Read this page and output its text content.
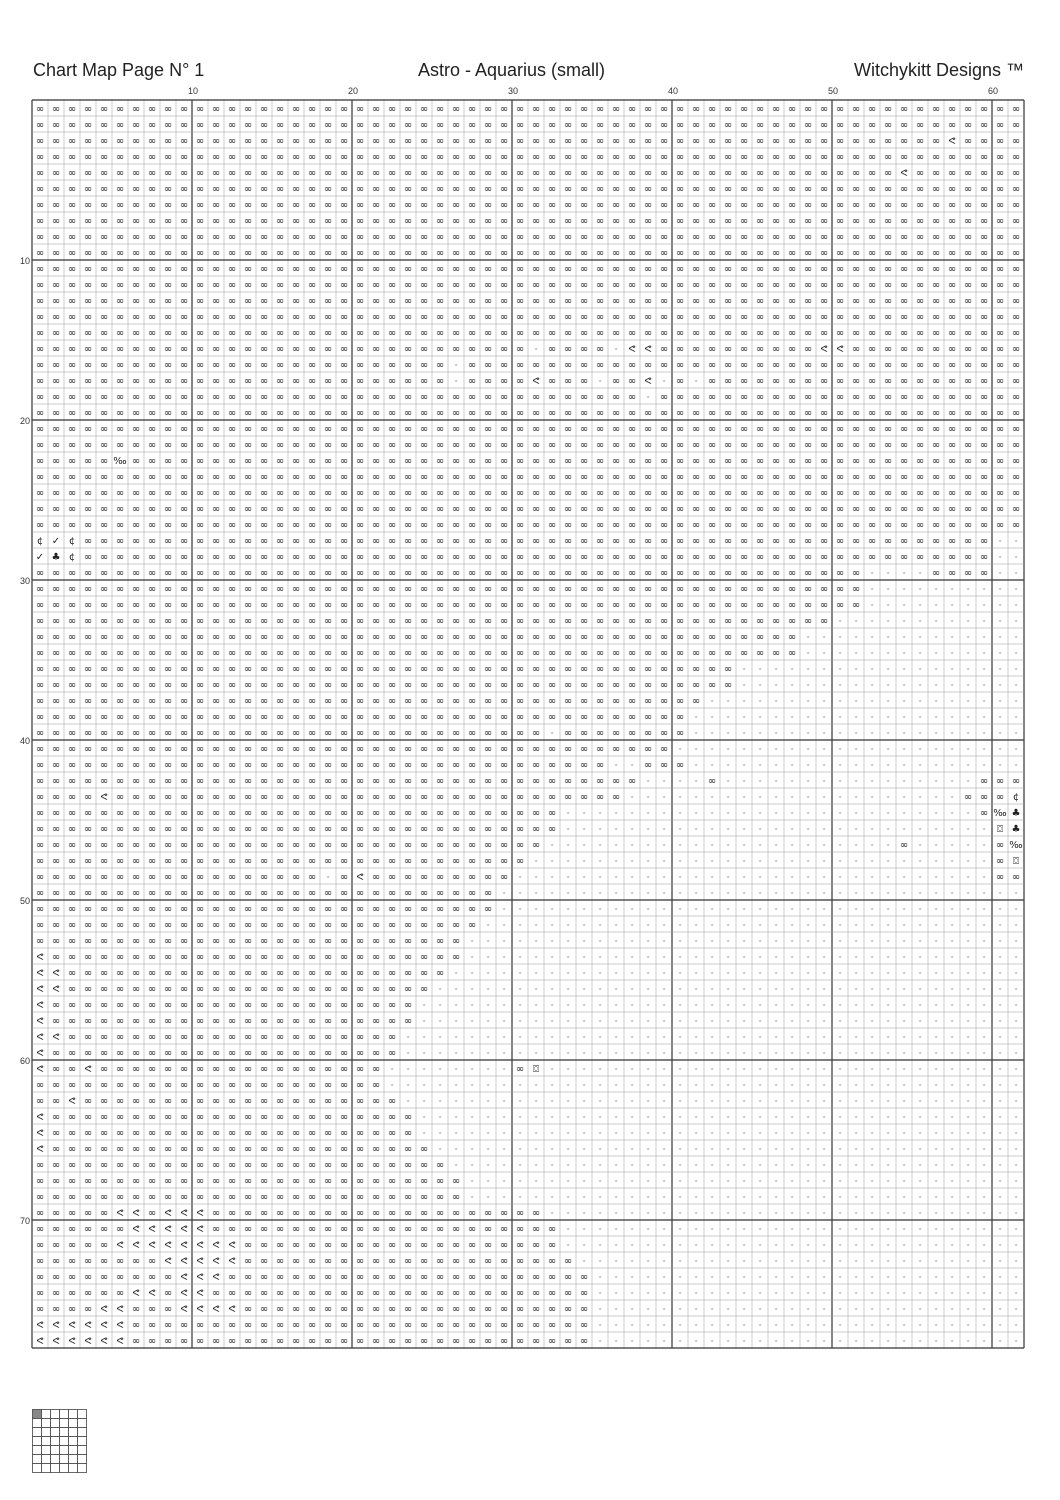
Chart Map Page N° 1	Astro - Aquarius (small)	Witchykitt Designs ™
10	20	30	40	50	60
10
20
30
40
50
60
70
∞ ∞ ∞ ∞ ∞ ∞ ∞ ∞ ∞ ∞ ∞ ∞ ∞ ∞ ∞ ∞ ∞ ∞ ∞ ∞ ∞ ∞ ∞ ∞ ∞ ∞ ∞ ∞ ∞ ∞ ∞ ∞ ∞ ∞ ∞ ∞ ∞ ∞ ∞ ∞ ∞ ∞ ∞ ∞ ∞ ∞ ∞ ∞ ∞ ∞ ∞ ∞ ∞ ∞ ∞ ∞ ∞ ∞ ∞ ∞ ∞ ∞
∞ ∞ ∞ ∞ ∞ ∞ ∞ ∞ ∞ ∞ ∞ ∞ ∞ ∞ ∞ ∞ ∞ ∞ ∞ ∞ ∞ ∞ ∞ ∞ ∞ ∞ ∞ ∞ ∞ ∞ ∞ ∞ ∞ ∞ ∞ ∞ ∞ ∞ ∞ ∞ ∞ ∞ ∞ ∞ ∞ ∞ ∞ ∞ ∞ ∞ ∞ ∞ ∞ ∞ ∞ ∞ ∞ ∞ ∞ ∞ ∞ ∞
∞ ∞ ∞ ∞ ∞ ∞ ∞ ∞ ∞ ∞ ∞ ∞ ∞ ∞ ∞ ∞ ∞ ∞ ∞ ∞ ∞ ∞ ∞ ∞ ∞ ∞ ∞ ∞ ∞ ∞ ∞ ∞ ∞ ∞ ∞ ∞ ∞ ∞ ∞ ∞ ∞ ∞ ∞ ∞ ∞ ∞ ∞ ∞ ∞ ∞ ∞ ∞ ∞ ∞ ∞ ∞ ∞ ᕙ ∞ ∞ ∞ ∞
∞ ∞ ∞ ∞ ∞ ∞ ∞ ∞ ∞ ∞ ∞ ∞ ∞ ∞ ∞ ∞ ∞ ∞ ∞ ∞ ∞ ∞ ∞ ∞ ∞ ∞ ∞ ∞ ∞ ∞ ∞ ∞ ∞ ∞ ∞ ∞ ∞ ∞ ∞ ∞ ∞ ∞ ∞ ∞ ∞ ∞ ∞ ∞ ∞ ∞ ∞ ∞ ∞ ∞ ∞ ∞ ∞ ∞ ∞ ∞ ∞ ∞
∞ ∞ ∞ ∞ ∞ ∞ ∞ ∞ ∞ ∞ ∞ ∞ ∞ ∞ ∞ ∞ ∞ ∞ ∞ ∞ ∞ ∞ ∞ ∞ ∞ ∞ ∞ ∞ ∞ ∞ ∞ ∞ ∞ ∞ ∞ ∞ ∞ ∞ ∞ ∞ ∞ ∞ ∞ ∞ ∞ ∞ ∞ ∞ ∞ ∞ ∞ ∞ ∞ ∞ ᕙ ∞ ∞ ∞ ∞ ∞ ∞ ∞
∞ ∞ ∞ ∞ ∞ ∞ ∞ ∞ ∞ ∞ ∞ ∞ ∞ ∞ ∞ ∞ ∞ ∞ ∞ ∞ ∞ ∞ ∞ ∞ ∞ ∞ ∞ ∞ ∞ ∞ ∞ ∞ ∞ ∞ ∞ ∞ ∞ ∞ ∞ ∞ ∞ ∞ ∞ ∞ ∞ ∞ ∞ ∞ ∞ ∞ ∞ ∞ ∞ ∞ ∞ ∞ ∞ ∞ ∞ ∞ ∞ ∞
∞ ∞ ∞ ∞ ∞ ∞ ∞ ∞ ∞ ∞ ∞ ∞ ∞ ∞ ∞ ∞ ∞ ∞ ∞ ∞ ∞ ∞ ∞ ∞ ∞ ∞ ∞ ∞ ∞ ∞ ∞ ∞ ∞ ∞ ∞ ∞ ∞ ∞ ∞ ∞ ∞ ∞ ∞ ∞ ∞ ∞ ∞ ∞ ∞ ∞ ∞ ∞ ∞ ∞ ∞ ∞ ∞ ∞ ∞ ∞ ∞ ∞
∞ ∞ ∞ ∞ ∞ ∞ ∞ ∞ ∞ ∞ ∞ ∞ ∞ ∞ ∞ ∞ ∞ ∞ ∞ ∞ ∞ ∞ ∞ ∞ ∞ ∞ ∞ ∞ ∞ ∞ ∞ ∞ ∞ ∞ ∞ ∞ ∞ ∞ ∞ ∞ ∞ ∞ ∞ ∞ ∞ ∞ ∞ ∞ ∞ ∞ ∞ ∞ ∞ ∞ ∞ ∞ ∞ ∞ ∞ ∞ ∞ ∞
∞ ∞ ∞ ∞ ∞ ∞ ∞ ∞ ∞ ∞ ∞ ∞ ∞ ∞ ∞ ∞ ∞ ∞ ∞ ∞ ∞ ∞ ∞ ∞ ∞ ∞ ∞ ∞ ∞ ∞ ∞ ∞ ∞ ∞ ∞ ∞ ∞ ∞ ∞ ∞ ∞ ∞ ∞ ∞ ∞ ∞ ∞ ∞ ∞ ∞ ∞ ∞ ∞ ∞ ∞ ∞ ∞ ∞ ∞ ∞ ∞ ∞
∞ ∞ ∞ ∞ ∞ ∞ ∞ ∞ ∞ ∞ ∞ ∞ ∞ ∞ ∞ ∞ ∞ ∞ ∞ ∞ ∞ ∞ ∞ ∞ ∞ ∞ ∞ ∞ ∞ ∞ ∞ ∞ ∞ ∞ ∞ ∞ ∞ ∞ ∞ ∞ ∞ ∞ ∞ ∞ ∞ ∞ ∞ ∞ ∞ ∞ ∞ ∞ ∞ ∞ ∞ ∞ ∞ ∞ ∞ ∞ ∞ ∞
∞ ∞ ∞ ∞ ∞ ∞ ∞ ∞ ∞ ∞ ∞ ∞ ∞ ∞ ∞ ∞ ∞ ∞ ∞ ∞ ∞ ∞ ∞ ∞ ∞ ∞ ∞ ∞ ∞ ∞ ∞ ∞ ∞ ∞ ∞ ∞ ∞ ∞ ∞ ∞ ∞ ∞ ∞ ∞ ∞ ∞ ∞ ∞ ∞ ∞ ∞ ∞ ∞ ∞ ∞ ∞ ∞ ∞ ∞ ∞ ∞ ∞
∞ ∞ ∞ ∞ ∞ ∞ ∞ ∞ ∞ ∞ ∞ ∞ ∞ ∞ ∞ ∞ ∞ ∞ ∞ ∞ ∞ ∞ ∞ ∞ ∞ ∞ ∞ ∞ ∞ ∞ ∞ ∞ ∞ ∞ ∞ ∞ ∞ ∞ ∞ ∞ ∞ ∞ ∞ ∞ ∞ ∞ ∞ ∞ ∞ ∞ ∞ ∞ ∞ ∞ ∞ ∞ ∞ ∞ ∞ ∞ ∞ ∞
∞ ∞ ∞ ∞ ∞ ∞ ∞ ∞ ∞ ∞ ∞ ∞ ∞ ∞ ∞ ∞ ∞ ∞ ∞ ∞ ∞ ∞ ∞ ∞ ∞ ∞ ∞ ∞ ∞ ∞ ∞ ∞ ∞ ∞ ∞ ∞ ∞ ∞ ∞ ∞ ∞ ∞ ∞ ∞ ∞ ∞ ∞ ∞ ∞ ∞ ∞ ∞ ∞ ∞ ∞ ∞ ∞ ∞ ∞ ∞ ∞ ∞
∞ ∞ ∞ ∞ ∞ ∞ ∞ ∞ ∞ ∞ ∞ ∞ ∞ ∞ ∞ ∞ ∞ ∞ ∞ ∞ ∞ ∞ ∞ ∞ ∞ ∞ ∞ ∞ ∞ ∞ ∞ ∞ ∞ ∞ ∞ ∞ ∞ ∞ ∞ ∞ ∞ ∞ ∞ ∞ ∞ ∞ ∞ ∞ ∞ ∞ ∞ ∞ ∞ ∞ ∞ ∞ ∞ ∞ ∞ ∞ ∞ ∞
∞ ∞ ∞ ∞ ∞ ∞ ∞ ∞ ∞ ∞ ∞ ∞ ∞ ∞ ∞ ∞ ∞ ∞ ∞ ∞ ∞ ∞ ∞ ∞ ∞ ∞ ∞ ∞ ∞ ∞ ∞ ∞ ∞ ∞ ∞ ∞ ∞ ∞ ∞ ∞ ∞ ∞ ∞ ∞ ∞ ∞ ∞ ∞ ∞ ∞ ∞ ∞ ∞ ∞ ∞ ∞ ∞ ∞ ∞ ∞ ∞ ∞
∞ ∞ ∞ ∞ ∞ ∞ ∞ ∞ ∞ ∞ ∞ ∞ ∞ ∞ ∞ ∞ ∞ ∞ ∞ ∞ ∞ ∞ ∞ ∞ ∞ ∞ ∞ ∞ ∞ ∞ ∞ · ∞ ∞ ∞ ∞ · ᕙ ᕙ ∞ ∞ ∞ ∞ ∞ ∞ ∞ ∞ ∞ ∞ ᕙ ᕙ ∞ ∞ ∞ ∞ ∞ ∞ ∞ ∞ ∞ ∞ ∞
∞ ∞ ∞ ∞ ∞ ∞ ∞ ∞ ∞ ∞ ∞ ∞ ∞ ∞ ∞ ∞ ∞ ∞ ∞ ∞ ∞ ∞ ∞ ∞ ∞ ∞ · ∞ ∞ ∞ ∞ ∞ ∞ ∞ ∞ ∞ ∞ ∞ ∞ ∞ ∞ ∞ ∞ ∞ ∞ ∞ ∞ ∞ ∞ ∞ ∞ ∞ ∞ ∞ ∞ ∞ ∞ ∞ ∞ ∞ ∞ ∞
∞ ∞ ∞ ∞ ∞ ∞ ∞ ∞ ∞ ∞ ∞ ∞ ∞ ∞ ∞ ∞ ∞ ∞ ∞ ∞ ∞ ∞ ∞ ∞ ∞ ∞ · ∞ ∞ ∞ ∞ ᕙ ∞ ∞ ∞ · ∞ ∞ ᕙ · ∞ · ∞ ∞ ∞ ∞ ∞ ∞ ∞ ∞ ∞ ∞ ∞ ∞ ∞ ∞ ∞ ∞ ∞ ∞ ∞ ∞
∞ ∞ ∞ ∞ ∞ ∞ ∞ ∞ ∞ ∞ ∞ ∞ ∞ ∞ ∞ ∞ ∞ ∞ ∞ ∞ ∞ ∞ ∞ ∞ ∞ ∞ ∞ ∞ ∞ ∞ ∞ ∞ ∞ ∞ ∞ ∞ ∞ ∞ · ∞ ∞ ∞ ∞ ∞ ∞ ∞ ∞ ∞ ∞ ∞ ∞ ∞ ∞ ∞ ∞ ∞ ∞ ∞ ∞ ∞ ∞ ∞
∞ ∞ ∞ ∞ ∞ ∞ ∞ ∞ ∞ ∞ ∞ ∞ ∞ ∞ ∞ ∞ ∞ ∞ ∞ ∞ ∞ ∞ ∞ ∞ ∞ ∞ ∞ ∞ ∞ ∞ ∞ ∞ ∞ ∞ ∞ ∞ ∞ ∞ ∞ ∞ ∞ ∞ ∞ ∞ ∞ ∞ ∞ ∞ ∞ ∞ ∞ ∞ ∞ ∞ ∞ ∞ ∞ ∞ ∞ ∞ ∞ ∞
∞ ∞ ∞ ∞ ∞ ∞ ∞ ∞ ∞ ∞ ∞ ∞ ∞ ∞ ∞ ∞ ∞ ∞ ∞ ∞ ∞ ∞ ∞ ∞ ∞ ∞ ∞ ∞ ∞ ∞ ∞ ∞ ∞ ∞ ∞ ∞ ∞ ∞ ∞ ∞ ∞ ∞ ∞ ∞ ∞ ∞ ∞ ∞ ∞ ∞ ∞ ∞ ∞ ∞ ∞ ∞ ∞ ∞ ∞ ∞ ∞ ∞
∞ ∞ ∞ ∞ ∞ ∞ ∞ ∞ ∞ ∞ ∞ ∞ ∞ ∞ ∞ ∞ ∞ ∞ ∞ ∞ ∞ ∞ ∞ ∞ ∞ ∞ ∞ ∞ ∞ ∞ ∞ ∞ ∞ ∞ ∞ ∞ ∞ ∞ ∞ ∞ ∞ ∞ ∞ ∞ ∞ ∞ ∞ ∞ ∞ ∞ ∞ ∞ ∞ ∞ ∞ ∞ ∞ ∞ ∞ ∞ ∞ ∞
∞ ∞ ∞ ∞ ∞ ‰ ∞ ∞ ∞ ∞ ∞ ∞ ∞ ∞ ∞ ∞ ∞ ∞ ∞ ∞ ∞ ∞ ∞ ∞ ∞ ∞ ∞ ∞ ∞ ∞ ∞ ∞ ∞ ∞ ∞ ∞ ∞ ∞ ∞ ∞ ∞ ∞ ∞ ∞ ∞ ∞ ∞ ∞ ∞ ∞ ∞ ∞ ∞ ∞ ∞ ∞ ∞ ∞ ∞ ∞ ∞ ∞
∞ ∞ ∞ ∞ ∞ ∞ ∞ ∞ ∞ ∞ ∞ ∞ ∞ ∞ ∞ ∞ ∞ ∞ ∞ ∞ ∞ ∞ ∞ ∞ ∞ ∞ ∞ ∞ ∞ ∞ ∞ ∞ ∞ ∞ ∞ ∞ ∞ ∞ ∞ ∞ ∞ ∞ ∞ ∞ ∞ ∞ ∞ ∞ ∞ ∞ ∞ ∞ ∞ ∞ ∞ ∞ ∞ ∞ ∞ ∞ ∞ ∞
∞ ∞ ∞ ∞ ∞ ∞ ∞ ∞ ∞ ∞ ∞ ∞ ∞ ∞ ∞ ∞ ∞ ∞ ∞ ∞ ∞ ∞ ∞ ∞ ∞ ∞ ∞ ∞ ∞ ∞ ∞ ∞ ∞ ∞ ∞ ∞ ∞ ∞ ∞ ∞ ∞ ∞ ∞ ∞ ∞ ∞ ∞ ∞ ∞ ∞ ∞ ∞ ∞ ∞ ∞ ∞ ∞ ∞ ∞ ∞ ∞ ∞
∞ ∞ ∞ ∞ ∞ ∞ ∞ ∞ ∞ ∞ ∞ ∞ ∞ ∞ ∞ ∞ ∞ ∞ ∞ ∞ ∞ ∞ ∞ ∞ ∞ ∞ ∞ ∞ ∞ ∞ ∞ ∞ ∞ ∞ ∞ ∞ ∞ ∞ ∞ ∞ ∞ ∞ ∞ ∞ ∞ ∞ ∞ ∞ ∞ ∞ ∞ ∞ ∞ ∞ ∞ ∞ ∞ ∞ ∞ ∞ ∞ ∞
∞ ∞ ∞ ∞ ∞ ∞ ∞ ∞ ∞ ∞ ∞ ∞ ∞ ∞ ∞ ∞ ∞ ∞ ∞ ∞ ∞ ∞ ∞ ∞ ∞ ∞ ∞ ∞ ∞ ∞ ∞ ∞ ∞ ∞ ∞ ∞ ∞ ∞ ∞ ∞ ∞ ∞ ∞ ∞ ∞ ∞ ∞ ∞ ∞ ∞ ∞ ∞ ∞ ∞ ∞ ∞ ∞ ∞ ∞ ∞ ∞ ∞
¢ ✓ ¢ ∞ ∞ ∞ ∞ ∞ ∞ ∞ ∞ ∞ ∞ ∞ ∞ ∞ ∞ ∞ ∞ ∞ ∞ ∞ ∞ ∞ ∞ ∞ ∞ ∞ ∞ ∞ ∞ ∞ ∞ ∞ ∞ ∞ ∞ ∞ ∞ ∞ ∞ ∞ ∞ ∞ ∞ ∞ ∞ ∞ ∞ ∞ ∞ ∞ ∞ ∞ ∞ ∞ ∞ ∞ ∞ ∞ · ·
✓ ♣ ¢ ∞ ∞ ∞ ∞ ∞ ∞ ∞ ∞ ∞ ∞ ∞ ∞ ∞ ∞ ∞ ∞ ∞ ∞ ∞ ∞ ∞ ∞ ∞ ∞ ∞ ∞ ∞ ∞ ∞ ∞ ∞ ∞ ∞ ∞ ∞ ∞ ∞ ∞ ∞ ∞ ∞ ∞ ∞ ∞ ∞ ∞ ∞ ∞ ∞ ∞ ∞ ∞ ∞ ∞ ∞ ∞ ∞ · ·
∞ ∞ ∞ ∞ ∞ ∞ ∞ ∞ ∞ ∞ ∞ ∞ ∞ ∞ ∞ ∞ ∞ ∞ ∞ ∞ ∞ ∞ ∞ ∞ ∞ ∞ ∞ ∞ ∞ ∞ ∞ ∞ ∞ ∞ ∞ ∞ ∞ ∞ ∞ ∞ ∞ ∞ ∞ ∞ ∞ ∞ ∞ ∞ ∞ ∞ ∞ ∞ · · · · ∞ ∞ ∞ ∞ · ·
∞ ∞ ∞ ∞ ∞ ∞ ∞ ∞ ∞ ∞ ∞ ∞ ∞ ∞ ∞ ∞ ∞ ∞ ∞ ∞ ∞ ∞ ∞ ∞ ∞ ∞ ∞ ∞ ∞ ∞ ∞ ∞ ∞ ∞ ∞ ∞ ∞ ∞ ∞ ∞ ∞ ∞ ∞ ∞ ∞ ∞ ∞ ∞ ∞ ∞ ∞ ∞ · · · · · · · · · ·
∞ ∞ ∞ ∞ ∞ ∞ ∞ ∞ ∞ ∞ ∞ ∞ ∞ ∞ ∞ ∞ ∞ ∞ ∞ ∞ ∞ ∞ ∞ ∞ ∞ ∞ ∞ ∞ ∞ ∞ ∞ ∞ ∞ ∞ ∞ ∞ ∞ ∞ ∞ ∞ ∞ ∞ ∞ ∞ ∞ ∞ ∞ ∞ ∞ ∞ ∞ ∞ · · · · · · · · · ·
∞ ∞ ∞ ∞ ∞ ∞ ∞ ∞ ∞ ∞ ∞ ∞ ∞ ∞ ∞ ∞ ∞ ∞ ∞ ∞ ∞ ∞ ∞ ∞ ∞ ∞ ∞ ∞ ∞ ∞ ∞ ∞ ∞ ∞ ∞ ∞ ∞ ∞ ∞ ∞ ∞ ∞ ∞ ∞ ∞ ∞ ∞ ∞ ∞ ∞ · · · · · · · · · · · ·
∞ ∞ ∞ ∞ ∞ ∞ ∞ ∞ ∞ ∞ ∞ ∞ ∞ ∞ ∞ ∞ ∞ ∞ ∞ ∞ ∞ ∞ ∞ ∞ ∞ ∞ ∞ ∞ ∞ ∞ ∞ ∞ ∞ ∞ ∞ ∞ ∞ ∞ ∞ ∞ ∞ ∞ ∞ ∞ ∞ ∞ ∞ ∞ · · · · · · · · · · · · · ·
∞ ∞ ∞ ∞ ∞ ∞ ∞ ∞ ∞ ∞ ∞ ∞ ∞ ∞ ∞ ∞ ∞ ∞ ∞ ∞ ∞ ∞ ∞ ∞ ∞ ∞ ∞ ∞ ∞ ∞ ∞ ∞ ∞ ∞ ∞ ∞ ∞ ∞ ∞ ∞ ∞ ∞ ∞ ∞ ∞ ∞ ∞ ∞ · · · · · · · · · · · · · ·
∞ ∞ ∞ ∞ ∞ ∞ ∞ ∞ ∞ ∞ ∞ ∞ ∞ ∞ ∞ ∞ ∞ ∞ ∞ ∞ ∞ ∞ ∞ ∞ ∞ ∞ ∞ ∞ ∞ ∞ ∞ ∞ ∞ ∞ ∞ ∞ ∞ ∞ ∞ ∞ ∞ ∞ ∞ ∞ · · · · · · · · · · · · · · · · · ·
∞ ∞ ∞ ∞ ∞ ∞ ∞ ∞ ∞ ∞ ∞ ∞ ∞ ∞ ∞ ∞ ∞ ∞ ∞ ∞ ∞ ∞ ∞ ∞ ∞ ∞ ∞ ∞ ∞ ∞ ∞ ∞ ∞ ∞ ∞ ∞ ∞ ∞ ∞ ∞ ∞ ∞ ∞ ∞ · · · · · · · · · · · · · · · · · ·
∞ ∞ ∞ ∞ ∞ ∞ ∞ ∞ ∞ ∞ ∞ ∞ ∞ ∞ ∞ ∞ ∞ ∞ ∞ ∞ ∞ ∞ ∞ ∞ ∞ ∞ ∞ ∞ ∞ ∞ ∞ ∞ ∞ ∞ ∞ ∞ ∞ ∞ ∞ ∞ ∞ ∞ · · · · · · · · · · · · · · · · · · · ·
∞ ∞ ∞ ∞ ∞ ∞ ∞ ∞ ∞ ∞ ∞ ∞ ∞ ∞ ∞ ∞ ∞ ∞ ∞ ∞ ∞ ∞ ∞ ∞ ∞ ∞ ∞ ∞ ∞ ∞ ∞ ∞ ∞ ∞ ∞ ∞ ∞ ∞ ∞ ∞ ∞ · · · · · · · · · · · · · · · · · · · · ·
∞ ∞ ∞ ∞ ∞ ∞ ∞ ∞ ∞ ∞ ∞ ∞ ∞ ∞ ∞ ∞ ∞ ∞ ∞ ∞ ∞ ∞ ∞ ∞ ∞ ∞ ∞ ∞ ∞ ∞ ∞ ∞ · ∞ ∞ ∞ ∞ ∞ ∞ ∞ ∞ · · · · · · · · · · · · · · · · · · · · ·
∞ ∞ ∞ ∞ ∞ ∞ ∞ ∞ ∞ ∞ ∞ ∞ ∞ ∞ ∞ ∞ ∞ ∞ ∞ ∞ ∞ ∞ ∞ ∞ ∞ ∞ ∞ ∞ ∞ ∞ ∞ ∞ ∞ ∞ ∞ ∞ ∞ ∞ ∞ ∞ · · · · · · · · · · · · · · · · · · · · · ·
∞ ∞ ∞ ∞ ∞ ∞ ∞ ∞ ∞ ∞ ∞ ∞ ∞ ∞ ∞ ∞ ∞ ∞ ∞ ∞ ∞ ∞ ∞ ∞ ∞ ∞ ∞ ∞ ∞ ∞ ∞ ∞ ∞ ∞ ∞ ∞ · · ∞ ∞ ∞ · · · · · · · · · · · · · · · · · · · · ·
∞ ∞ ∞ ∞ ∞ ∞ ∞ ∞ ∞ ∞ ∞ ∞ ∞ ∞ ∞ ∞ ∞ ∞ ∞ ∞ ∞ ∞ ∞ ∞ ∞ ∞ ∞ ∞ ∞ ∞ ∞ ∞ ∞ ∞ ∞ ∞ ∞ ∞ · · · · ∞ · · · · · · · · · · · · · · · · ∞ ∞ ∞
∞ ∞ ∞ ∞ ᕙ ∞ ∞ ∞ ∞ ∞ ∞ ∞ ∞ ∞ ∞ ∞ ∞ ∞ ∞ ∞ ∞ ∞ ∞ ∞ ∞ ∞ ∞ ∞ ∞ ∞ ∞ ∞ ∞ ∞ ∞ ∞ ∞ · · · · · · · · · · · · · · · · · · · · · ∞ ∞ ∞ ¢
∞ ∞ ∞ ∞ ∞ ∞ ∞ ∞ ∞ ∞ ∞ ∞ ∞ ∞ ∞ ∞ ∞ ∞ ∞ ∞ ∞ ∞ ∞ ∞ ∞ ∞ ∞ ∞ ∞ ∞ ∞ ∞ ∞ · · · · · · · · · · · · · · · · · · · · · · · · · · ∞ ‰ ♣
∞ ∞ ∞ ∞ ∞ ∞ ∞ ∞ ∞ ∞ ∞ ∞ ∞ ∞ ∞ ∞ ∞ ∞ ∞ ∞ ∞ ∞ ∞ ∞ ∞ ∞ ∞ ∞ ∞ ∞ ∞ ∞ ∞ · · · · · · · · · · · · · · · · · · · · · · · · · · · ⌼ ♣
∞ ∞ ∞ ∞ ∞ ∞ ∞ ∞ ∞ ∞ ∞ ∞ ∞ ∞ ∞ ∞ ∞ ∞ ∞ ∞ ∞ ∞ ∞ ∞ ∞ ∞ ∞ ∞ ∞ ∞ ∞ ∞ · · · · · · · · · · · · · · · · · · · · · · ∞ · · · · · ∞ ‰
∞ ∞ ∞ ∞ ∞ ∞ ∞ ∞ ∞ ∞ ∞ ∞ ∞ ∞ ∞ ∞ ∞ ∞ ∞ ∞ ∞ ∞ ∞ ∞ ∞ ∞ ∞ ∞ ∞ ∞ ∞ · · · · · · · · · · · · · · · · · · · · · · · · · · · · · ∞ ⌼
∞ ∞ ∞ ∞ ∞ ∞ ∞ ∞ ∞ ∞ ∞ ∞ ∞ ∞ ∞ ∞ ∞ ∞ · ∞ ᕙ ∞ ∞ ∞ ∞ ∞ ∞ ∞ ∞ ∞ · · · · · · · · · · · · · · · · · · · · · · · · · · · · · · ∞ ∞
∞ ∞ ∞ ∞ ∞ ∞ ∞ ∞ ∞ ∞ ∞ ∞ ∞ ∞ ∞ ∞ ∞ ∞ ∞ ∞ ∞ ∞ ∞ ∞ ∞ ∞ ∞ ∞ ∞ · · · · · · · · · · · · · · · · · · · · · · · · · · · · · · · · ·
∞ ∞ ∞ ∞ ∞ ∞ ∞ ∞ ∞ ∞ ∞ ∞ ∞ ∞ ∞ ∞ ∞ ∞ ∞ ∞ ∞ ∞ ∞ ∞ ∞ ∞ ∞ ∞ ∞ · · · · · · · · · · · · · · · · · · · · · · · · · · · · · · · · ·
∞ ∞ ∞ ∞ ∞ ∞ ∞ ∞ ∞ ∞ ∞ ∞ ∞ ∞ ∞ ∞ ∞ ∞ ∞ ∞ ∞ ∞ ∞ ∞ ∞ ∞ ∞ ∞ · · · · · · · · · · · · · · · · · · · · · · · · · · · · · · · · · ·
∞ ∞ ∞ ∞ ∞ ∞ ∞ ∞ ∞ ∞ ∞ ∞ ∞ ∞ ∞ ∞ ∞ ∞ ∞ ∞ ∞ ∞ ∞ ∞ ∞ ∞ ∞ · · · · · · · · · · · · · · · · · · · · · · · · · · · · · · · · · · ·
ᕙ ∞ ∞ ∞ ∞ ∞ ∞ ∞ ∞ ∞ ∞ ∞ ∞ ∞ ∞ ∞ ∞ ∞ ∞ ∞ ∞ ∞ ∞ ∞ ∞ ∞ ∞ · · · · · · · · · · · · · · · · · · · · · · · · · · · · · · · · · · ·
ᕙ ᕙ ∞ ∞ ∞ ∞ ∞ ∞ ∞ ∞ ∞ ∞ ∞ ∞ ∞ ∞ ∞ ∞ ∞ ∞ ∞ ∞ ∞ ∞ ∞ ∞ · · · · · · · · · · · · · · · · · · · · · · · · · · · · · · · · · · · ·
ᕙ ᕙ ∞ ∞ ∞ ∞ ∞ ∞ ∞ ∞ ∞ ∞ ∞ ∞ ∞ ∞ ∞ ∞ ∞ ∞ ∞ ∞ ∞ ∞ ∞ · · · · · · · · · · · · · · · · · · · · · · · · · · · · · · · · · · · · ·
ᕙ ∞ ∞ ∞ ∞ ∞ ∞ ∞ ∞ ∞ ∞ ∞ ∞ ∞ ∞ ∞ ∞ ∞ ∞ ∞ ∞ ∞ ∞ ∞ · · · · · · · · · · · · · · · · · · · · · · · · · · · · · · · · · · · · · ·
ᕙ ∞ ∞ ∞ ∞ ∞ ∞ ∞ ∞ ∞ ∞ ∞ ∞ ∞ ∞ ∞ ∞ ∞ ∞ ∞ ∞ ∞ ∞ ∞ · · · · · · · · · · · · · · · · · · · · · · · · · · · · · · · · · · · · · ·
ᕙ ᕙ ∞ ∞ ∞ ∞ ∞ ∞ ∞ ∞ ∞ ∞ ∞ ∞ ∞ ∞ ∞ ∞ ∞ ∞ ∞ ∞ ∞ · · · · · · · · · · · · · · · · · · · · · · · · · · · · · · · · · · · · · · ·
ᕙ ∞ ∞ ∞ ∞ ∞ ∞ ∞ ∞ ∞ ∞ ∞ ∞ ∞ ∞ ∞ ∞ ∞ ∞ ∞ ∞ ∞ ∞ · · · · · · · · · · · · · · · · · · · · · · · · · · · · · · · · · · · · · · ·
ᕙ ∞ ∞ ᕙ ∞ ∞ ∞ ∞ ∞ ∞ ∞ ∞ ∞ ∞ ∞ ∞ ∞ ∞ ∞ ∞ ∞ ∞ · · · · · · · · ∞ ⌼ · · · · · · · · · · · · · · · · · · · · · · · · · · · · · ·
∞ ∞ ∞ ∞ ∞ ∞ ∞ ∞ ∞ ∞ ∞ ∞ ∞ ∞ ∞ ∞ ∞ ∞ ∞ ∞ ∞ ∞ · · · · · · · · · · · · · · · · · · · · · · · · · · · · · · · · · · · · · · · ·
∞ ∞ ᕙ ∞ ∞ ∞ ∞ ∞ ∞ ∞ ∞ ∞ ∞ ∞ ∞ ∞ ∞ ∞ ∞ ∞ ∞ ∞ ∞ · · · · · · · · · · · · · · · · · · · · · · · · · · · · · · · · · · · · · · ·
ᕙ ∞ ∞ ∞ ∞ ∞ ∞ ∞ ∞ ∞ ∞ ∞ ∞ ∞ ∞ ∞ ∞ ∞ ∞ ∞ ∞ ∞ ∞ ∞ · · · · · · · · · · · · · · · · · · · · · · · · · · · · · · · · · · · · · ·
ᕙ ∞ ∞ ∞ ∞ ∞ ∞ ∞ ∞ ∞ ∞ ∞ ∞ ∞ ∞ ∞ ∞ ∞ ∞ ∞ ∞ ∞ ∞ ∞ · · · · · · · · · · · · · · · · · · · · · · · · · · · · · · · · · · · · · ·
ᕙ ∞ ∞ ∞ ∞ ∞ ∞ ∞ ∞ ∞ ∞ ∞ ∞ ∞ ∞ ∞ ∞ ∞ ∞ ∞ ∞ ∞ ∞ ∞ ∞ · · · · · · · · · · · · · · · · · · · · · · · · · · · · · · · · · · · · ·
∞ ∞ ∞ ∞ ∞ ∞ ∞ ∞ ∞ ∞ ∞ ∞ ∞ ∞ ∞ ∞ ∞ ∞ ∞ ∞ ∞ ∞ ∞ ∞ ∞ ∞ · · · · · · · · · · · · · · · · · · · · · · · · · · · · · · · · · · · ·
∞ ∞ ∞ ∞ ∞ ∞ ∞ ∞ ∞ ∞ ∞ ∞ ∞ ∞ ∞ ∞ ∞ ∞ ∞ ∞ ∞ ∞ ∞ ∞ ∞ ∞ ∞ · · · · · · · · · · · · · · · · · · · · · · · · · · · · · · · · · · ·
∞ ∞ ∞ ∞ ∞ ∞ ∞ ∞ ∞ ∞ ∞ ∞ ∞ ∞ ∞ ∞ ∞ ∞ ∞ ∞ ∞ ∞ ∞ ∞ ∞ ∞ ∞ · · · · · · · · · · · · · · · · · · · · · · · · · · · · · · · · · · ·
∞ ∞ ∞ ∞ ∞ ᕙ ᕙ ∞ ᕙ ᕙ ᕙ ∞ ∞ ∞ ∞ ∞ ∞ ∞ ∞ ∞ ∞ ∞ ∞ ∞ ∞ ∞ ∞ ∞ ∞ ∞ ∞ ∞ · · · · · · · · · · · · · · · · · · · · · · · · · · · · · ·
∞ ∞ ∞ ∞ ∞ ∞ ᕙ ᕙ ᕙ ᕙ ᕙ ∞ ∞ ∞ ∞ ∞ ∞ ∞ ∞ ∞ ∞ ∞ ∞ ∞ ∞ ∞ ∞ ∞ ∞ ∞ ∞ ∞ ∞ · · · · · · · · · · · · · · · · · · · · · · · · · · · · ·
∞ ∞ ∞ ∞ ∞ ᕙ ᕙ ᕙ ᕙ ᕙ ᕙ ᕙ ᕙ ∞ ∞ ∞ ∞ ∞ ∞ ∞ ∞ ∞ ∞ ∞ ∞ ∞ ∞ ∞ ∞ ∞ ∞ ∞ ∞ · · · · · · · · · · · · · · · · · · · · · · · · · · · · ·
∞ ∞ ∞ ∞ ∞ ∞ ∞ ∞ ᕙ ᕙ ᕙ ᕙ ᕙ ∞ ∞ ∞ ∞ ∞ ∞ ∞ ∞ ∞ ∞ ∞ ∞ ∞ ∞ ∞ ∞ ∞ ∞ ∞ ∞ ∞ · · · · · · · · · · · · · · · · · · · · · · · · · · · ·
∞ ∞ ∞ ∞ ∞ ∞ ∞ ∞ ∞ ᕙ ᕙ ᕙ ∞ ∞ ∞ ∞ ∞ ∞ ∞ ∞ ∞ ∞ ∞ ∞ ∞ ∞ ∞ ∞ ∞ ∞ ∞ ∞ ∞ ∞ ∞ · · · · · · · · · · · · · · · · · · · · · · · · · · ·
∞ ∞ ∞ ∞ ∞ ∞ ᕙ ᕙ ∞ ᕙ ᕙ ∞ ∞ ∞ ∞ ∞ ∞ ∞ ∞ ∞ ∞ ∞ ∞ ∞ ∞ ∞ ∞ ∞ ∞ ∞ ∞ ∞ ∞ ∞ ∞ · · · · · · · · · · · · · · · · · · · · · · · · · · ·
∞ ∞ ∞ ∞ ᕙ ᕙ ∞ ∞ ∞ ᕙ ᕙ ᕙ ᕙ ∞ ∞ ∞ ∞ ∞ ∞ ∞ ∞ ∞ ∞ ∞ ∞ ∞ ∞ ∞ ∞ ∞ ∞ ∞ ∞ ∞ ∞ · · · · · · · · · · · · · · · · · · · · · · · · · · ·
ᕙ ᕙ ᕙ ᕙ ᕙ ᕙ ∞ ∞ ∞ ∞ ∞ ∞ ∞ ∞ ∞ ∞ ∞ ∞ ∞ ∞ ∞ ∞ ∞ ∞ ∞ ∞ ∞ ∞ ∞ ∞ ∞ ∞ ∞ ∞ ∞ · · · · · · · · · · · · · · · · · · · · · · · · · · ·
ᕙ ᕙ ᕙ ᕙ ᕙ ᕙ ∞ ∞ ∞ ∞ ∞ ∞ ∞ ∞ ∞ ∞ ∞ ∞ ∞ ∞ ∞ ∞ ∞ ∞ ∞ ∞ ∞ ∞ ∞ ∞ ∞ ∞ ∞ ∞ ∞ · · · · · · · · · · · · · · · · · · · · · · · · · · ·
